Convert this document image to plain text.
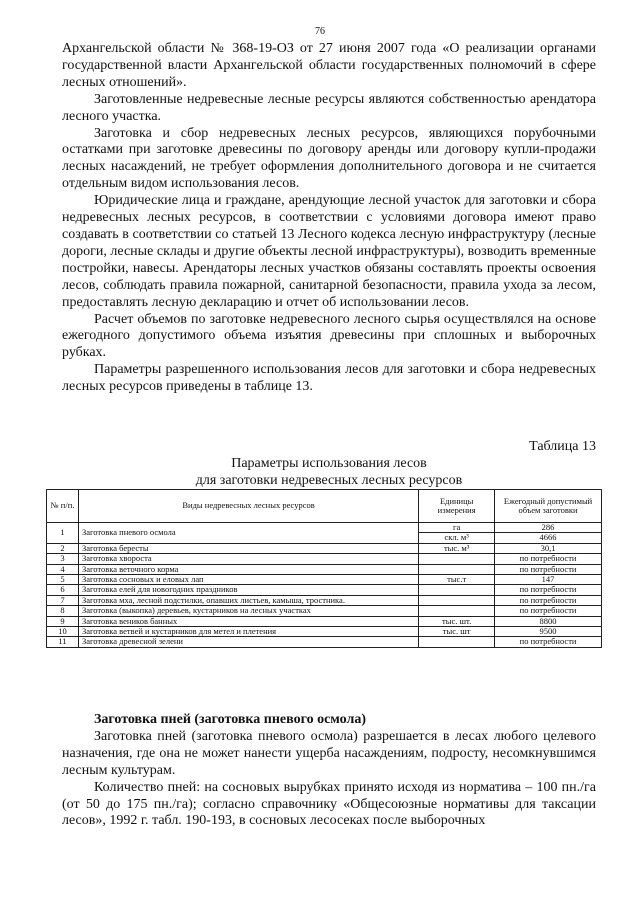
76

Архангельской области № 368-19-ОЗ от 27 июня 2007 года «О реализации органами государственной власти Архангельской области государственных полномочий в сфере лесных отношений».

Заготовленные недревесные лесные ресурсы являются собственностью арендатора лесного участка.

Заготовка и сбор недревесных лесных ресурсов, являющихся порубочными остатками при заготовке древесины по договору аренды или договору купли-продажи лесных насаждений, не требует оформления дополнительного договора и не считается отдельным видом использования лесов.

Юридические лица и граждане, арендующие лесной участок для заготовки и сбора недревесных лесных ресурсов, в соответствии с условиями договора имеют право создавать в соответствии со статьей 13 Лесного кодекса лесную инфраструктуру (лесные дороги, лесные склады и другие объекты лесной инфраструктуры), возводить временные постройки, навесы. Арендаторы лесных участков обязаны составлять проекты освоения лесов, соблюдать правила пожарной, санитарной безопасности, правила ухода за лесом, предоставлять лесную декларацию и отчет об использовании лесов.

Расчет объемов по заготовке недревесного лесного сырья осуществлялся на основе ежегодного допустимого объема изъятия древесины при сплошных и выборочных рубках.

Параметры разрешенного использования лесов для заготовки и сбора недревесных лесных ресурсов приведены в таблице 13.

Таблица 13
Параметры использования лесов
для заготовки недревесных лесных ресурсов
№ п/п.	Виды недревесных лесных ресурсов	Единицы измерения	Ежегодный допустимый объем заготовки
1	Заготовка пневого осмола	га	286
		скл. м³	4666
2	Заготовка бересты	тыс. м³	30,1
3	Заготовка хвороста		по потребности
4	Заготовка веточного корма		по потребности
5	Заготовка сосновых и еловых лап	тыс.т	147
6	Заготовка елей для новогодних праздников		по потребности
7	Заготовка мха, лесной подстилки, опавших листьев, камыша, тростника.		по потребности
8	Заготовка (выкопка) деревьев, кустарников на лесных участках		по потребности
9	Заготовка веников банных	тыс. шт.	8800
10	Заготовка ветвей и кустарников для метел и плетения	тыс. шт	9500
11	Заготовка древесной зелени		по потребности

Заготовка пней (заготовка пневого осмола)

Заготовка пней (заготовка пневого осмола) разрешается в лесах любого целевого назначения, где она не может нанести ущерба насаждениям, подросту, несомкнувшимся лесным культурам.

Количество пней: на сосновых вырубках принято исходя из норматива – 100 пн./га (от 50 до 175 пн./га); согласно справочнику «Общесоюзные нормативы для таксации лесов», 1992 г. табл. 190-193, в сосновых лесосеках после выборочных
